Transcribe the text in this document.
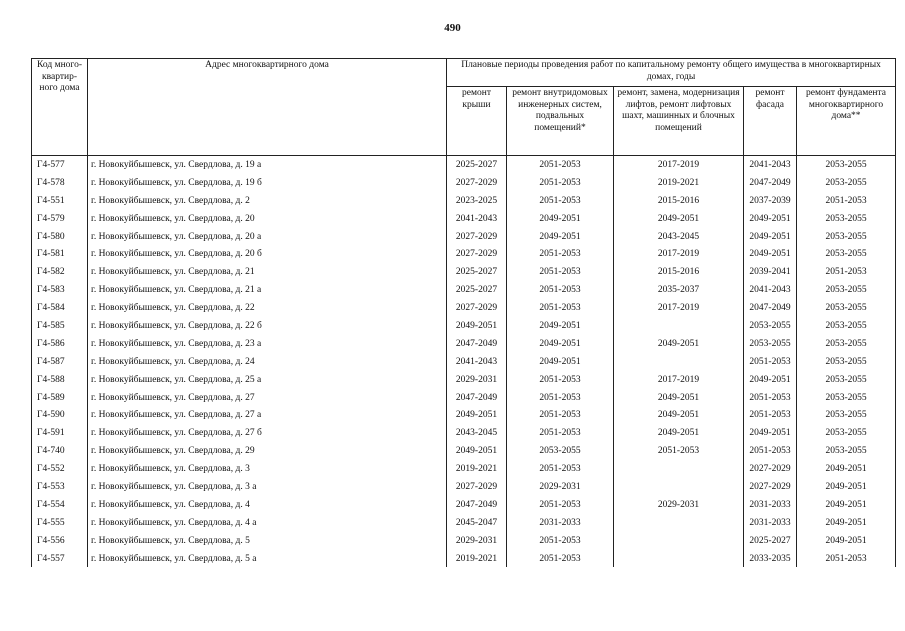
490
Код много-квартир-ного дома	Адрес многоквартирного дома	Плановые периоды проведения работ по капитальному ремонту общего имущества в многоквартирных домах, годы				
		ремонт крыши	ремонт внутридомовых инженерных систем, подвальных помещений*	ремонт, замена, модернизация лифтов, ремонт лифтовых шахт, машинных и блочных помещений	ремонт фасада	ремонт фундамента многоквартирного дома**
Г4-577	г. Новокуйбышевск, ул. Свердлова, д. 19 а	2025-2027	2051-2053	2017-2019	2041-2043	2053-2055
Г4-578	г. Новокуйбышевск, ул. Свердлова, д. 19 б	2027-2029	2051-2053	2019-2021	2047-2049	2053-2055
Г4-551	г. Новокуйбышевск, ул. Свердлова, д. 2	2023-2025	2051-2053	2015-2016	2037-2039	2051-2053
Г4-579	г. Новокуйбышевск, ул. Свердлова, д. 20	2041-2043	2049-2051	2049-2051	2049-2051	2053-2055
Г4-580	г. Новокуйбышевск, ул. Свердлова, д. 20 а	2027-2029	2049-2051	2043-2045	2049-2051	2053-2055
Г4-581	г. Новокуйбышевск, ул. Свердлова, д. 20 б	2027-2029	2051-2053	2017-2019	2049-2051	2053-2055
Г4-582	г. Новокуйбышевск, ул. Свердлова, д. 21	2025-2027	2051-2053	2015-2016	2039-2041	2051-2053
Г4-583	г. Новокуйбышевск, ул. Свердлова, д. 21 а	2025-2027	2051-2053	2035-2037	2041-2043	2053-2055
Г4-584	г. Новокуйбышевск, ул. Свердлова, д. 22	2027-2029	2051-2053	2017-2019	2047-2049	2053-2055
Г4-585	г. Новокуйбышевск, ул. Свердлова, д. 22 б	2049-2051	2049-2051		2053-2055	2053-2055
Г4-586	г. Новокуйбышевск, ул. Свердлова, д. 23 а	2047-2049	2049-2051	2049-2051	2053-2055	2053-2055
Г4-587	г. Новокуйбышевск, ул. Свердлова, д. 24	2041-2043	2049-2051		2051-2053	2053-2055
Г4-588	г. Новокуйбышевск, ул. Свердлова, д. 25 а	2029-2031	2051-2053	2017-2019	2049-2051	2053-2055
Г4-589	г. Новокуйбышевск, ул. Свердлова, д. 27	2047-2049	2051-2053	2049-2051	2051-2053	2053-2055
Г4-590	г. Новокуйбышевск, ул. Свердлова, д. 27 а	2049-2051	2051-2053	2049-2051	2051-2053	2053-2055
Г4-591	г. Новокуйбышевск, ул. Свердлова, д. 27 б	2043-2045	2051-2053	2049-2051	2049-2051	2053-2055
Г4-740	г. Новокуйбышевск, ул. Свердлова, д. 29	2049-2051	2053-2055	2051-2053	2051-2053	2053-2055
Г4-552	г. Новокуйбышевск, ул. Свердлова, д. 3	2019-2021	2051-2053		2027-2029	2049-2051
Г4-553	г. Новокуйбышевск, ул. Свердлова, д. 3 а	2027-2029	2029-2031		2027-2029	2049-2051
Г4-554	г. Новокуйбышевск, ул. Свердлова, д. 4	2047-2049	2051-2053	2029-2031	2031-2033	2049-2051
Г4-555	г. Новокуйбышевск, ул. Свердлова, д. 4 а	2045-2047	2031-2033		2031-2033	2049-2051
Г4-556	г. Новокуйбышевск, ул. Свердлова, д. 5	2029-2031	2051-2053		2025-2027	2049-2051
Г4-557	г. Новокуйбышевск, ул. Свердлова, д. 5 а	2019-2021	2051-2053		2033-2035	2051-2053
